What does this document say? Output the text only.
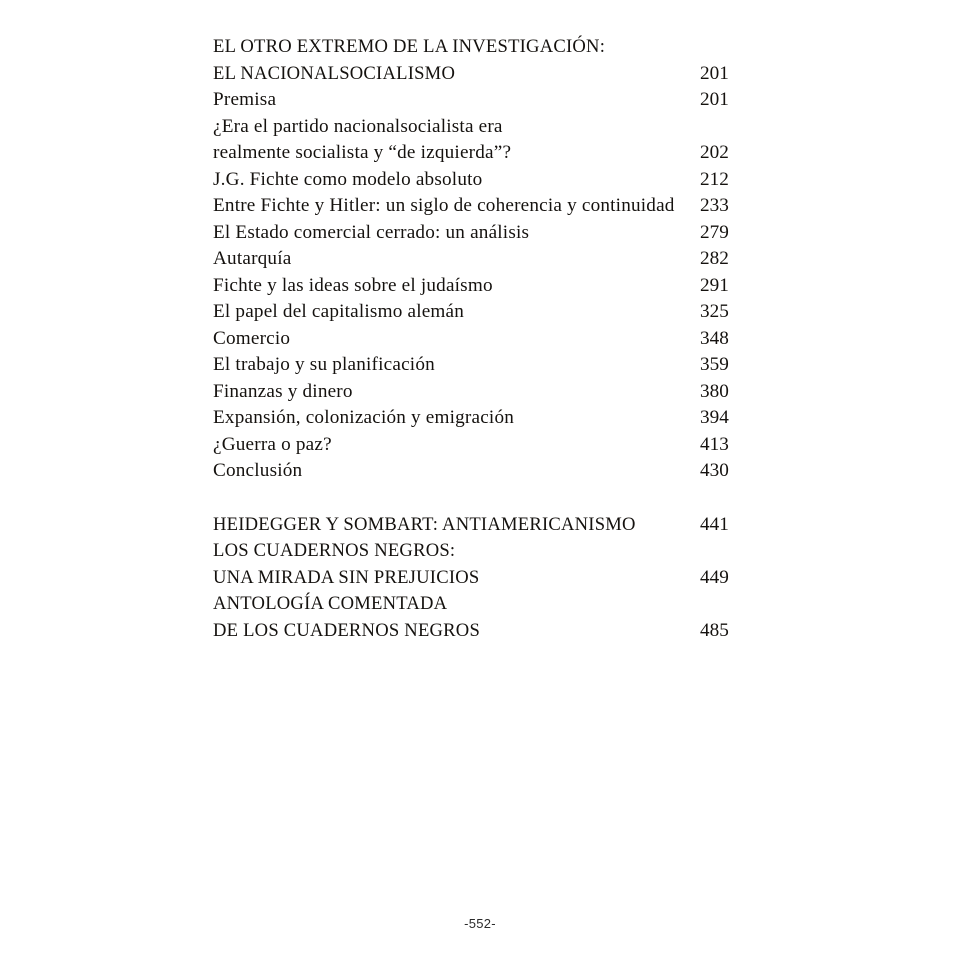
EL OTRO EXTREMO DE LA INVESTIGACIÓN:
EL NACIONALSOCIALISMO	201
Premisa	201
¿Era el partido nacionalsocialista era
realmente socialista y “de izquierda”?	202
J.G. Fichte como modelo absoluto	212
Entre Fichte y Hitler: un siglo de coherencia y continuidad 233
El Estado comercial cerrado: un análisis	279
Autarquía	282
Fichte y las ideas sobre el judaísmo	291
El papel del capitalismo alemán	325
Comercio	348
El trabajo y su planificación	359
Finanzas y dinero	380
Expansión, colonización y emigración	394
¿Guerra o paz?	413
Conclusión	430
HEIDEGGER Y SOMBART: ANTIAMERICANISMO	441
LOS CUADERNOS NEGROS:
UNA MIRADA SIN PREJUICIOS	449
ANTOLOGÍA COMENTADA
DE LOS CUADERNOS NEGROS	485
-552-
